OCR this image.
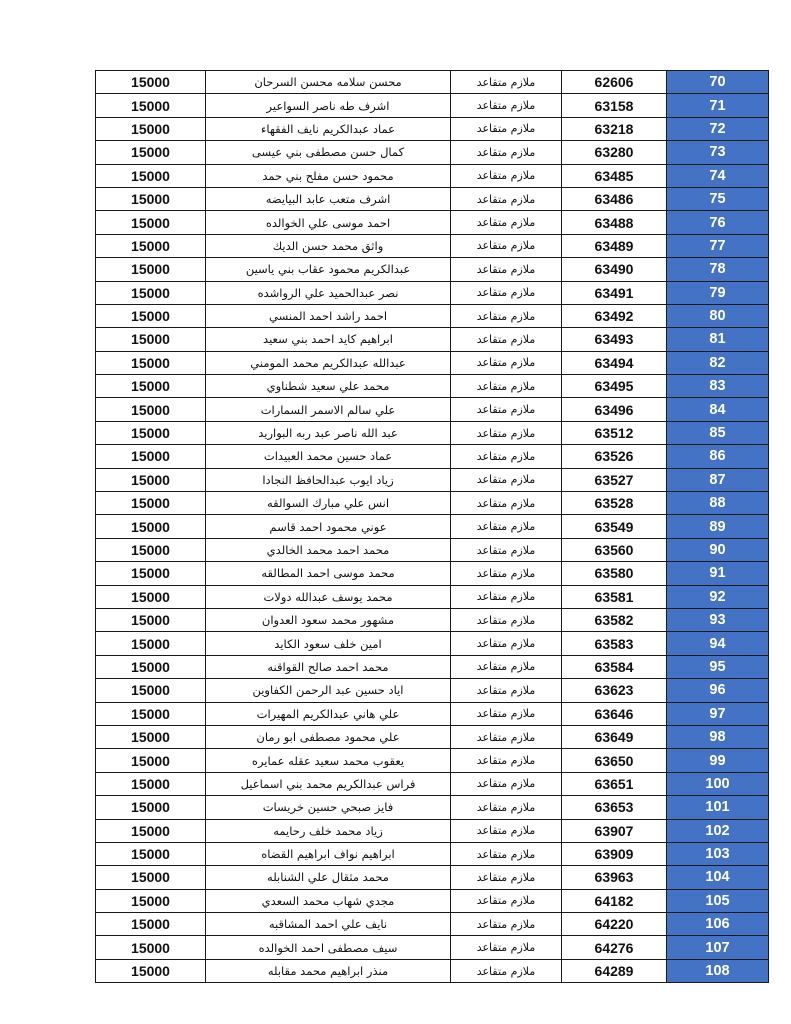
15000	محسن سلامه محسن السرحان	ملازم متقاعد	62606	70
15000	اشرف طه ناصر السواعير	ملازم متقاعد	63158	71
15000	عماد عبدالكريم نايف الفقهاء	ملازم متقاعد	63218	72
15000	كمال حسن مصطفى بني عيسى	ملازم متقاعد	63280	73
15000	محمود حسن مفلح بني حمد	ملازم متقاعد	63485	74
15000	اشرف متعب عابد البيايضه	ملازم متقاعد	63486	75
15000	احمد موسى علي الخوالده	ملازم متقاعد	63488	76
15000	واثق محمد حسن الديك	ملازم متقاعد	63489	77
15000	عبدالكريم محمود عقاب بني ياسين	ملازم متقاعد	63490	78
15000	نصر عبدالحميد علي الرواشده	ملازم متقاعد	63491	79
15000	احمد راشد احمد المنسي	ملازم متقاعد	63492	80
15000	ابراهيم كايد احمد بني سعيد	ملازم متقاعد	63493	81
15000	عبدالله عبدالكريم محمد المومني	ملازم متقاعد	63494	82
15000	محمد علي سعيد شطناوي	ملازم متقاعد	63495	83
15000	علي سالم الاسمر السمارات	ملازم متقاعد	63496	84
15000	عبد الله ناصر عبد ربه البواريد	ملازم متقاعد	63512	85
15000	عماد حسين محمد العبيدات	ملازم متقاعد	63526	86
15000	زياد ايوب عبدالحافظ النجادا	ملازم متقاعد	63527	87
15000	انس علي مبارك السوالقه	ملازم متقاعد	63528	88
15000	عوني محمود احمد قاسم	ملازم متقاعد	63549	89
15000	محمد احمد محمد الخالدي	ملازم متقاعد	63560	90
15000	محمد موسى احمد المطالقه	ملازم متقاعد	63580	91
15000	محمد يوسف عبدالله دولات	ملازم متقاعد	63581	92
15000	مشهور محمد سعود العدوان	ملازم متقاعد	63582	93
15000	امين خلف سعود الكايد	ملازم متقاعد	63583	94
15000	محمد احمد صالح القواقنه	ملازم متقاعد	63584	95
15000	اياد حسين عبد الرحمن الكفاوين	ملازم متقاعد	63623	96
15000	علي هاني عبدالكريم المهيرات	ملازم متقاعد	63646	97
15000	علي محمود مصطفى ابو رمان	ملازم متقاعد	63649	98
15000	يعقوب محمد سعيد عقله عمايره	ملازم متقاعد	63650	99
15000	فراس عبدالكريم محمد بني اسماعيل	ملازم متقاعد	63651	100
15000	فايز صبحي حسين خريسات	ملازم متقاعد	63653	101
15000	زياد محمد خلف رحايمه	ملازم متقاعد	63907	102
15000	ابراهيم نواف ابراهيم القضاه	ملازم متقاعد	63909	103
15000	محمد مثقال علي الشنابله	ملازم متقاعد	63963	104
15000	مجدي شهاب محمد السعدي	ملازم متقاعد	64182	105
15000	نايف علي احمد المشاقبه	ملازم متقاعد	64220	106
15000	سيف مصطفى احمد الخوالده	ملازم متقاعد	64276	107
15000	منذر ابراهيم محمد مقابله	ملازم متقاعد	64289	108
